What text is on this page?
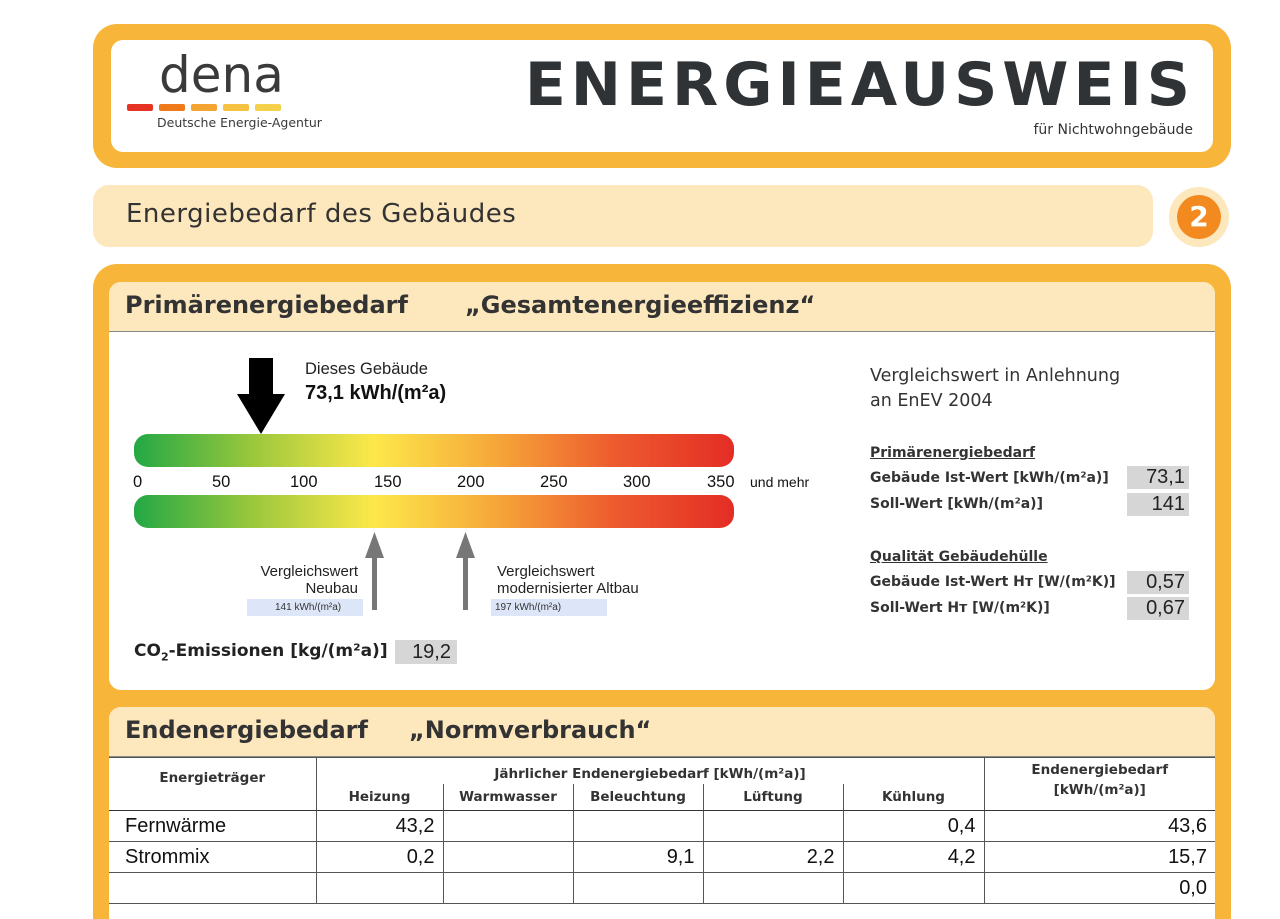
dena
Deutsche Energie-Agentur
ENERGIEAUSWEIS
für Nichtwohngebäude
Energiebedarf des Gebäudes	2
Primärenergiebedarf „Gesamtenergieeffizienz“
Dieses Gebäude
73,1 kWh/(m²a)
0	50	100	150	200	250	300	350 und mehr
Vergleichswert
Neubau
141 kWh/(m²a)
Vergleichswert
modernisierter Altbau
197 kWh/(m²a)
$CO_2$-Emissionen [kg/(m²a)]	19,2
Vergleichswert in Anlehnung
an EnEV 2004
Primärenergiebedarf
Gebäude Ist-Wert [kWh/(m²a)]	73,1
Soll-Wert [kWh/(m²a)]	141
Qualität Gebäudehülle
Gebäude Ist-Wert Hт [W/(m²K)]	0,57
Soll-Wert Hт [W/(m²K)]	0,67
Endenergiebedarf „Normverbrauch“
Energieträger	Jährlicher Endenergiebedarf [kWh/(m²a)]					Endenergiebedarf
[kWh/(m²a)]

	Heizung	Warmwasser	Beleuchtung	Lüftung	Kühlung	
Fernwärme	43,2				0,4	43,6
Strommix	0,2		9,1	2,2	4,2	15,7
						0,0
